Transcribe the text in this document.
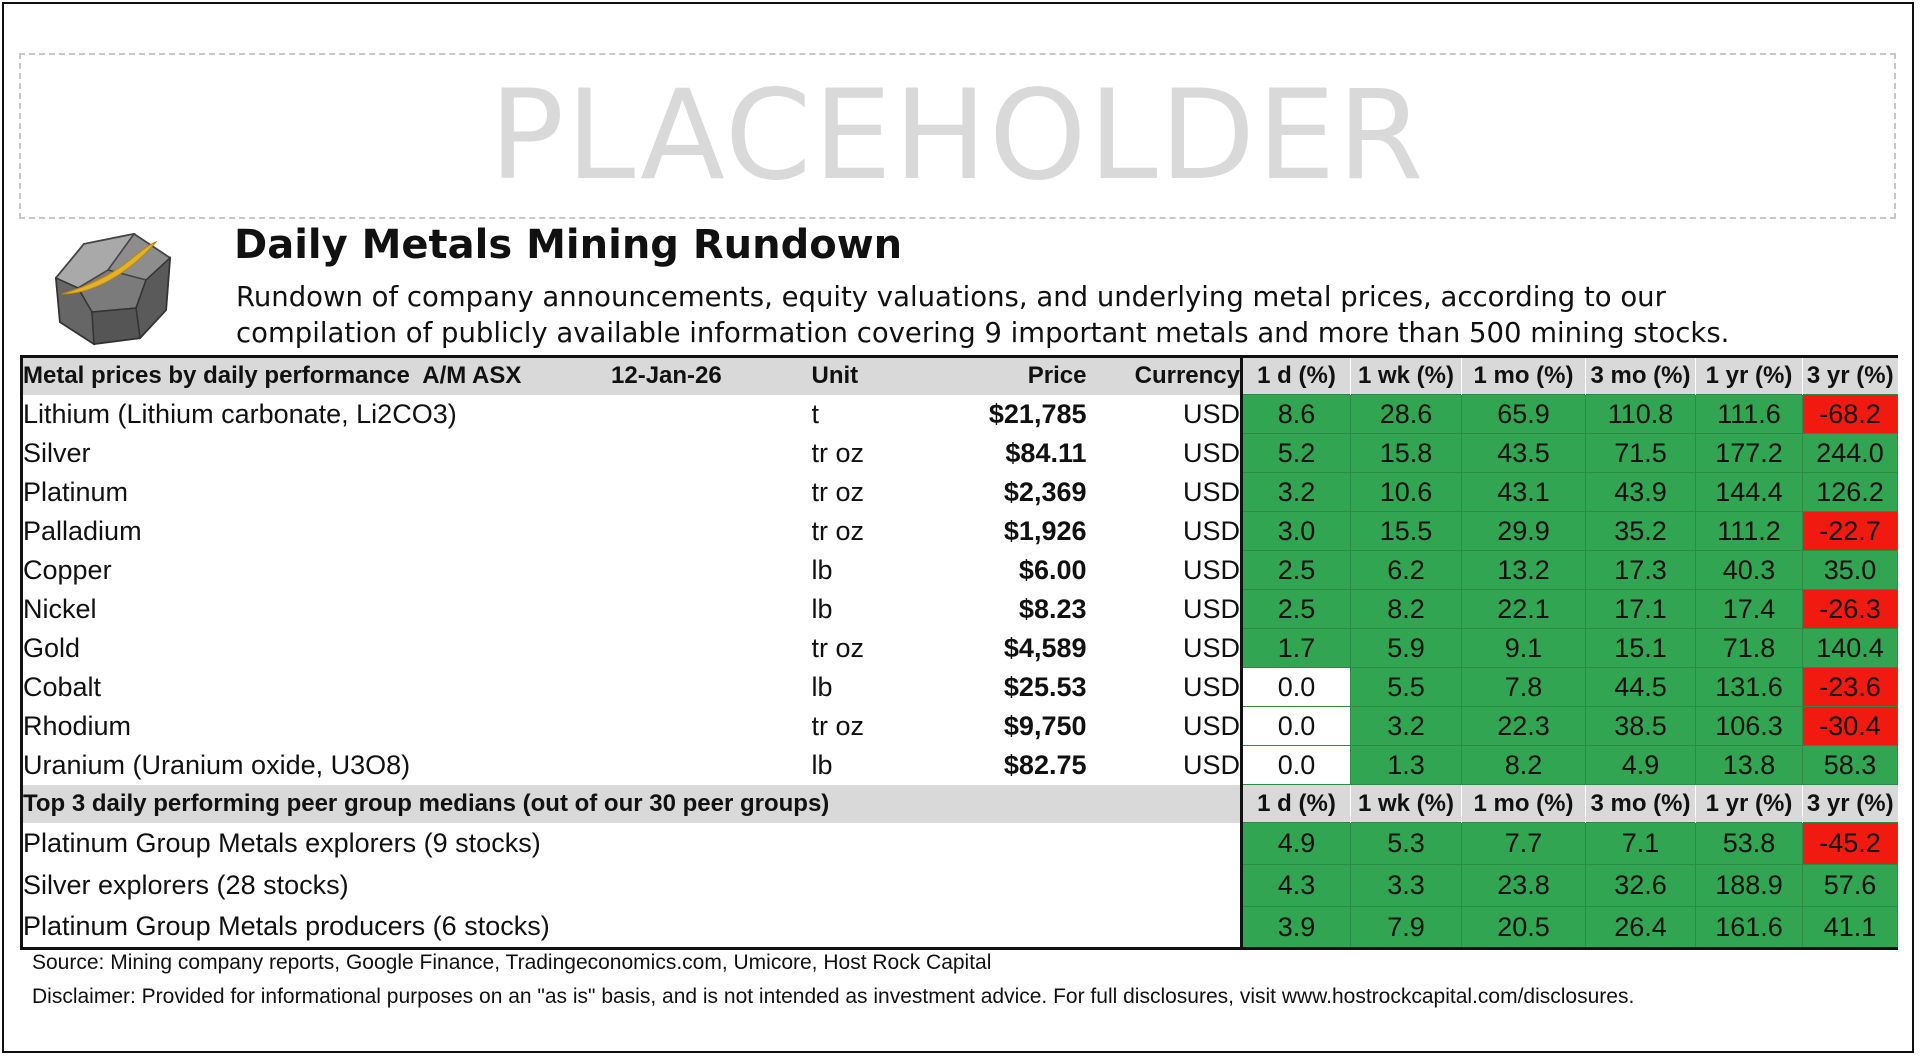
PLACEHOLDER
Daily Metals Mining Rundown
Rundown of company announcements, equity valuations, and underlying metal prices, according to our
compilation of publicly available information covering 9 important metals and more than 500 mining stocks.
Metal prices by daily performance  A/M ASX 12-Jan-26	Unit	Price	Currency	1 d (%)	1 wk (%)	1 mo (%)	3 mo (%)	1 yr (%)	3 yr (%)
Lithium (Lithium carbonate, Li2CO3)	t	$21,785	USD	8.6	28.6	65.9	110.8	111.6	-68.2
Silver	tr oz	$84.11	USD	5.2	15.8	43.5	71.5	177.2	244.0
Platinum	tr oz	$2,369	USD	3.2	10.6	43.1	43.9	144.4	126.2
Palladium	tr oz	$1,926	USD	3.0	15.5	29.9	35.2	111.2	-22.7
Copper	lb	$6.00	USD	2.5	6.2	13.2	17.3	40.3	35.0
Nickel	lb	$8.23	USD	2.5	8.2	22.1	17.1	17.4	-26.3
Gold	tr oz	$4,589	USD	1.7	5.9	9.1	15.1	71.8	140.4
Cobalt	lb	$25.53	USD	0.0	5.5	7.8	44.5	131.6	-23.6
Rhodium	tr oz	$9,750	USD	0.0	3.2	22.3	38.5	106.3	-30.4
Uranium (Uranium oxide, U3O8)	lb	$82.75	USD	0.0	1.3	8.2	4.9	13.8	58.3
Top 3 daily performing peer group medians (out of our 30 peer groups)				1 d (%)	1 wk (%)	1 mo (%)	3 mo (%)	1 yr (%)	3 yr (%)
Platinum Group Metals explorers (9 stocks)				4.9	5.3	7.7	7.1	53.8	-45.2
Silver explorers (28 stocks)				4.3	3.3	23.8	32.6	188.9	57.6
Platinum Group Metals producers (6 stocks)				3.9	7.9	20.5	26.4	161.6	41.1
Source: Mining company reports, Google Finance, Tradingeconomics.com, Umicore, Host Rock Capital
Disclaimer: Provided for informational purposes on an "as is" basis, and is not intended as investment advice. For full disclosures, visit www.hostrockcapital.com/disclosures.
